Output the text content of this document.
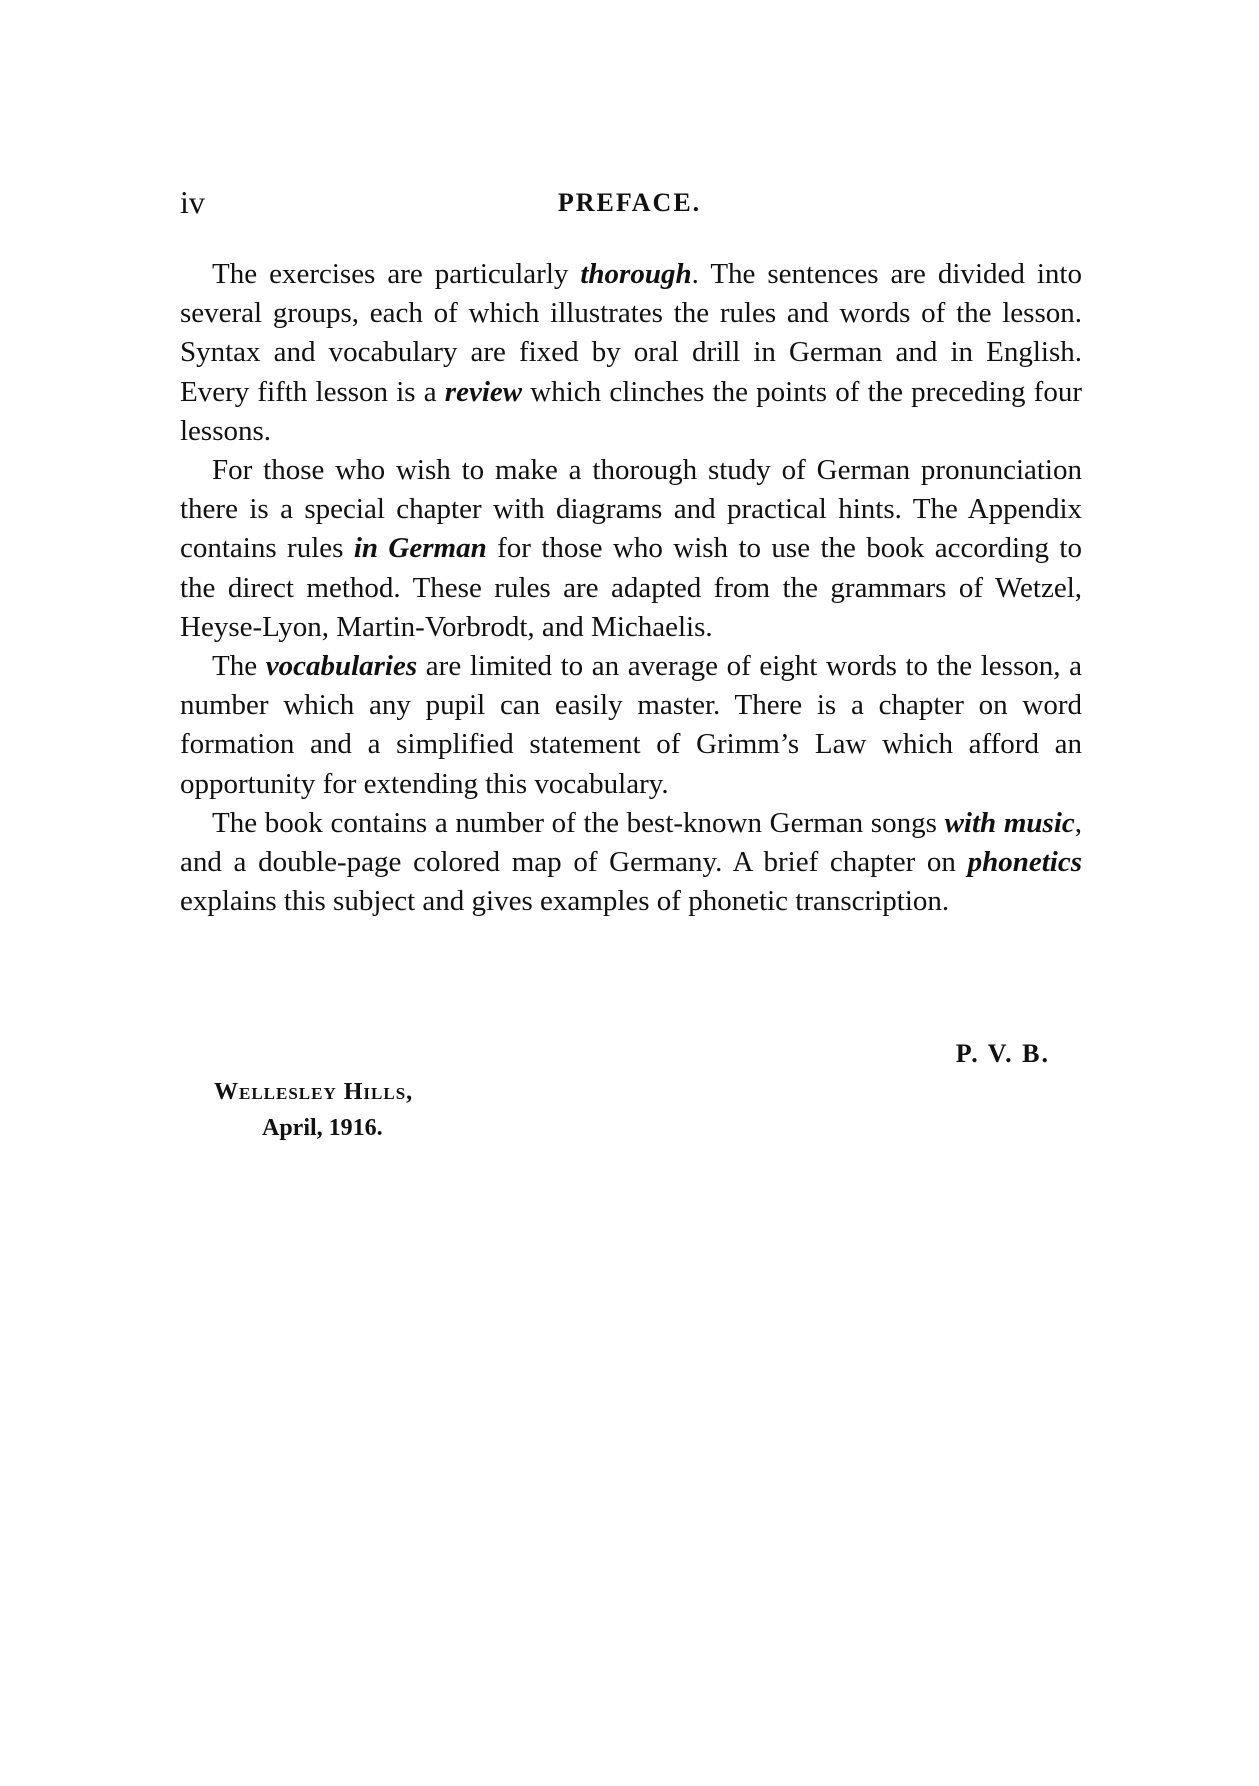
iv	PREFACE.

The exercises are particularly thorough. The sentences are divided into several groups, each of which illustrates the rules and words of the lesson. Syntax and vocabulary are fixed by oral drill in German and in English. Every fifth lesson is a review which clinches the points of the preceding four lessons.

For those who wish to make a thorough study of German pronunciation there is a special chapter with diagrams and practical hints. The Appendix contains rules in German for those who wish to use the book according to the direct method. These rules are adapted from the grammars of Wetzel, Heyse-Lyon, Martin-Vorbrodt, and Michaelis.

The vocabularies are limited to an average of eight words to the lesson, a number which any pupil can easily master. There is a chapter on word formation and a simplified statement of Grimm’s Law which afford an opportunity for extending this vocabulary.

The book contains a number of the best-known German songs with music, and a double-page colored map of Germany. A brief chapter on phonetics explains this subject and gives examples of phonetic transcription.

P. V. B.
Wellesley Hills,
April, 1916.
